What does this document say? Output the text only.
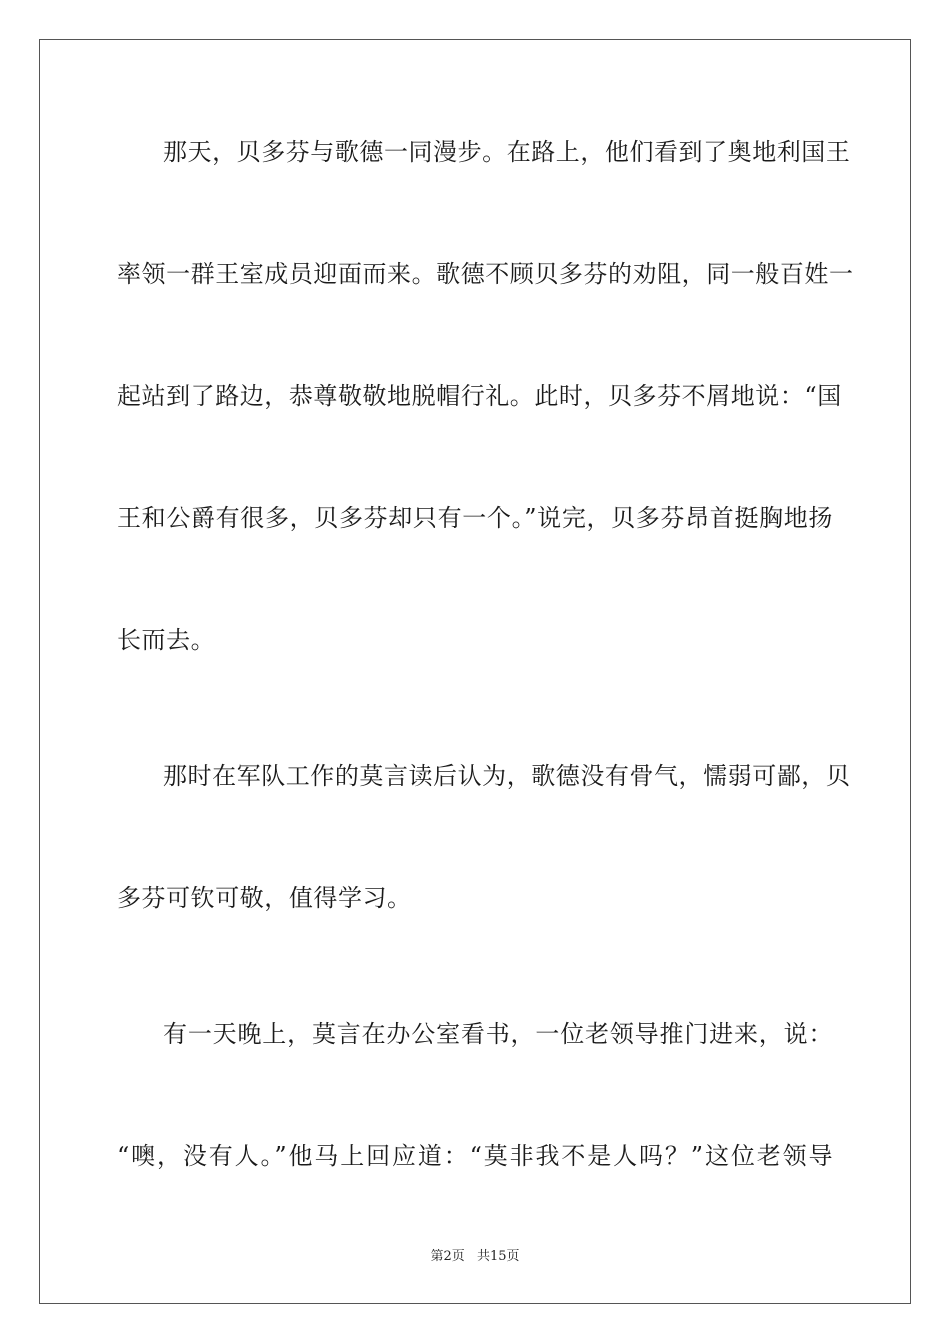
那天，贝多芬与歌德一同漫步。在路上，他们看到了奥地利国王
率领一群王室成员迎面而来。歌德不顾贝多芬的劝阻，同一般百姓一
起站到了路边，恭尊敬敬地脱帽行礼。此时，贝多芬不屑地说：“国
王和公爵有很多，贝多芬却只有一个。”说完，贝多芬昂首挺胸地扬
长而去。
那时在军队工作的莫言读后认为，歌德没有骨气，懦弱可鄙，贝
多芬可钦可敬，值得学习。
有一天晚上，莫言在办公室看书，一位老领导推门进来，说：
“噢，没有人。”他马上回应道：“莫非我不是人吗？”这位老领导
第2页 共15页
